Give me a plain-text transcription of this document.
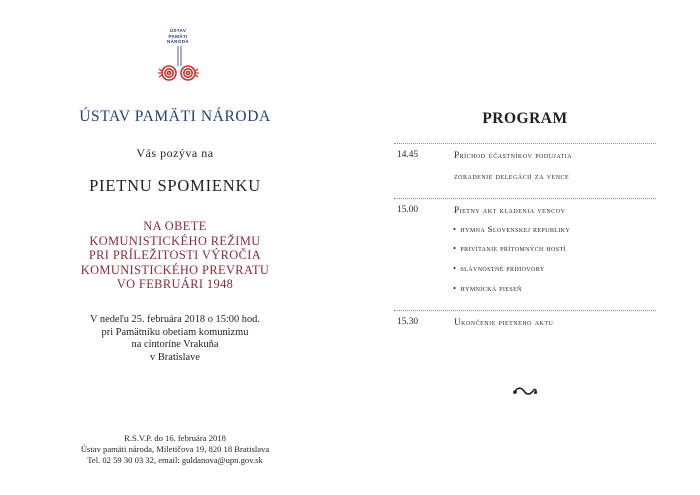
ÚSTAV
PAMÄTI
NÁRODA
ÚSTAV PAMÄTI NÁRODA
Vás pozýva na
PIETNU SPOMIENKU
NA OBETE
KOMUNISTICKÉHO REŽIMU
PRI PRÍLEŽITOSTI VÝROČIA
KOMUNISTICKÉHO PREVRATU
VO FEBRUÁRI 1948
V nedeľu 25. februára 2018 o 15:00 hod.
pri Pamätníku obetiam komunizmu
na cintoríne Vrakuňa
v Bratislave
R.S.V.P. do 16. februára 2018
Ústav pamäti národa, Miletičova 19, 820 18 Bratislava
Tel. 02 59 30 03 32, email: guldanova@upn.gov.sk
PROGRAM
14.45	Príchod účastníkov podujatia
zoradenie delegácií za vence
15.00	Pietny akt kladenia vencov
• hymna Slovenskej republiky
• privítanie prítomných hostí
• slávnostné príhovory
• hymnická pieseň
15.30	Ukončenie pietneho aktu
